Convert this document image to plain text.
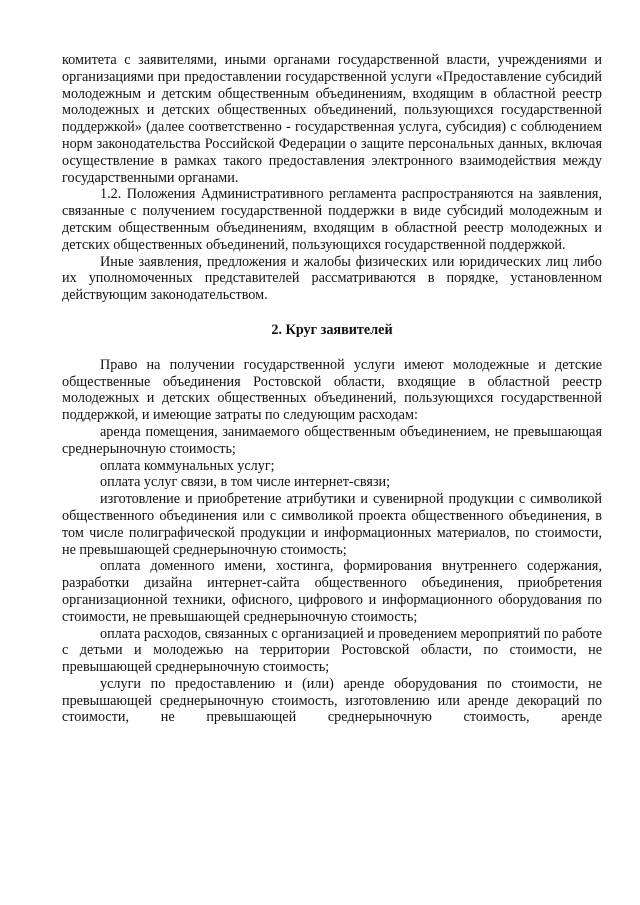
комитета с заявителями, иными органами государственной власти, учреждениями и организациями при предоставлении государственной услуги «Предоставление субсидий молодежным и детским общественным объединениям, входящим в областной реестр молодежных и детских общественных объединений, пользующихся государственной поддержкой» (далее соответственно - государственная услуга, субсидия) с соблюдением норм законодательства Российской Федерации о защите персональных данных, включая осуществление в рамках такого предоставления электронного взаимодействия между государственными органами.

1.2. Положения Административного регламента распространяются на заявления, связанные с получением государственной поддержки в виде субсидий молодежным и детским общественным объединениям, входящим в областной реестр молодежных и детских общественных объединений, пользующихся государственной поддержкой.

Иные заявления, предложения и жалобы физических или юридических лиц либо их уполномоченных представителей рассматриваются в порядке, установленном действующим законодательством.

2. Круг заявителей

Право на получении государственной услуги имеют молодежные и детские общественные объединения Ростовской области, входящие в областной реестр молодежных и детских общественных объединений, пользующихся государственной поддержкой, и имеющие затраты по следующим расходам:

аренда помещения, занимаемого общественным объединением, не превышающая среднерыночную стоимость;

оплата коммунальных услуг;

оплата услуг связи, в том числе интернет-связи;

изготовление и приобретение атрибутики и сувенирной продукции с символикой общественного объединения или с символикой проекта общественного объединения, в том числе полиграфической продукции и информационных материалов, по стоимости, не превышающей среднерыночную стоимость;

оплата доменного имени, хостинга, формирования внутреннего содержания, разработки дизайна интернет-сайта общественного объединения, приобретения организационной техники, офисного, цифрового и информационного оборудования по стоимости, не превышающей среднерыночную стоимость;

оплата расходов, связанных с организацией и проведением мероприятий по работе с детьми и молодежью на территории Ростовской области, по стоимости, не превышающей среднерыночную стоимость;

услуги по предоставлению и (или) аренде оборудования по стоимости, не превышающей среднерыночную стоимость, изготовлению или аренде декораций по стоимости, не превышающей среднерыночную стоимость, аренде
